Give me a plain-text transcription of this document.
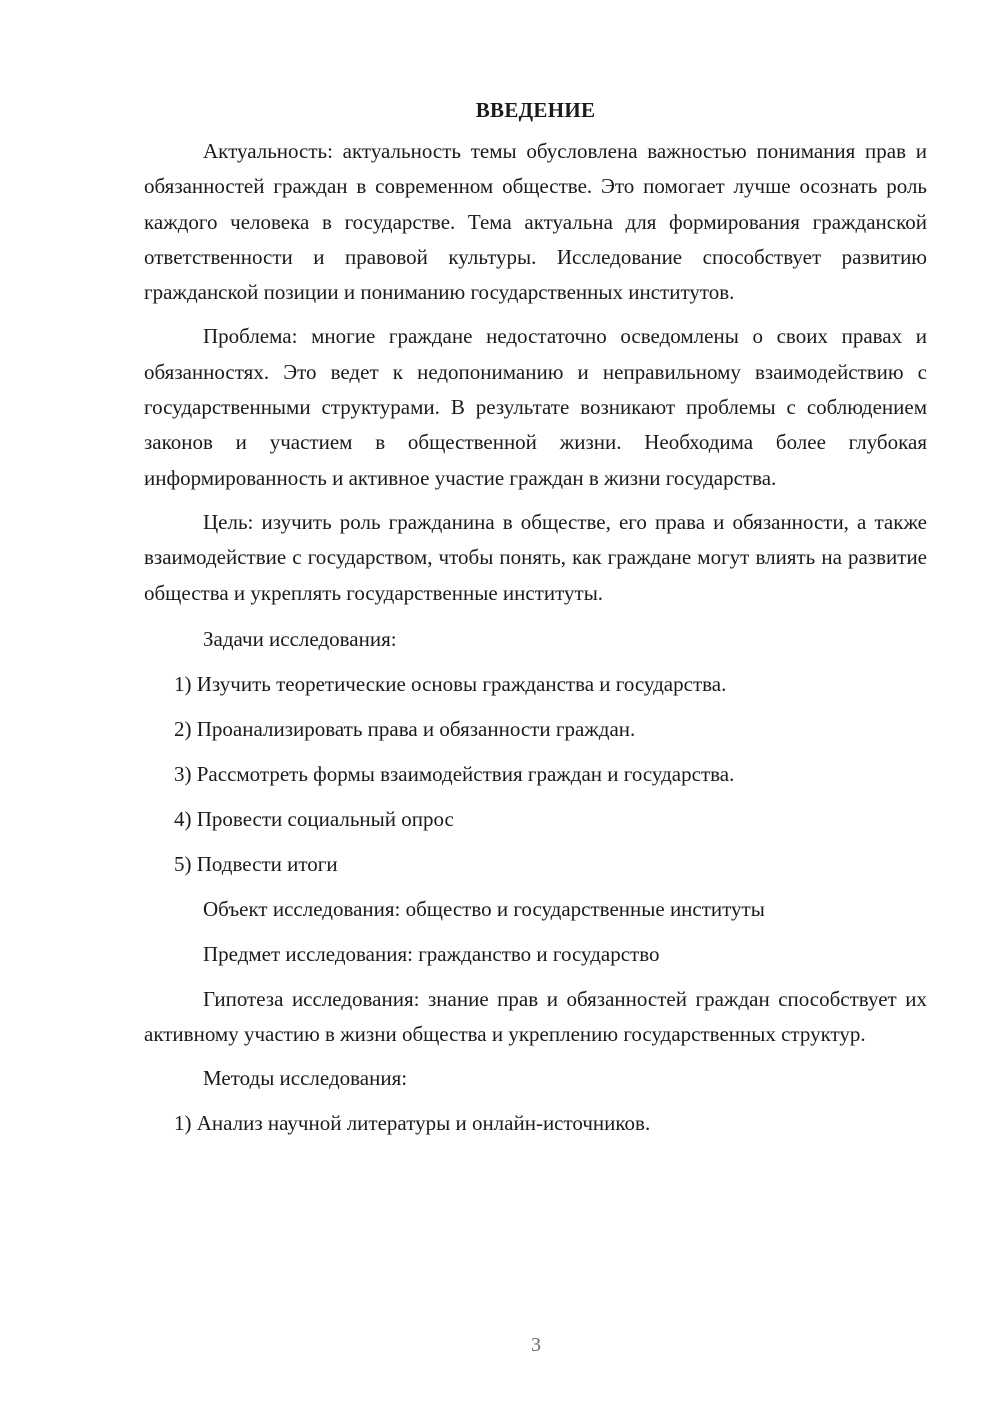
ВВЕДЕНИЕ

Актуальность: актуальность темы обусловлена важностью понимания прав и обязанностей граждан в современном обществе. Это помогает лучше осознать роль каждого человека в государстве. Тема актуальна для формирования гражданской ответственности и правовой культуры. Исследование способствует развитию гражданской позиции и пониманию государственных институтов.

Проблема: многие граждане недостаточно осведомлены о своих правах и обязанностях. Это ведет к недопониманию и неправильному взаимодействию с государственными структурами. В результате возникают проблемы с соблюдением законов и участием в общественной жизни. Необходима более глубокая информированность и активное участие граждан в жизни государства.

Цель: изучить роль гражданина в обществе, его права и обязанности, а также взаимодействие с государством, чтобы понять, как граждане могут влиять на развитие общества и укреплять государственные институты.

Задачи исследования:

1) Изучить теоретические основы гражданства и государства.

2) Проанализировать права и обязанности граждан.

3) Рассмотреть формы взаимодействия граждан и государства.

4) Провести социальный опрос

5) Подвести итоги

Объект исследования: общество и государственные институты

Предмет исследования: гражданство и государство

Гипотеза исследования: знание прав и обязанностей граждан способствует их активному участию в жизни общества и укреплению государственных структур.

Методы исследования:

1) Анализ научной литературы и онлайн-источников.

3
